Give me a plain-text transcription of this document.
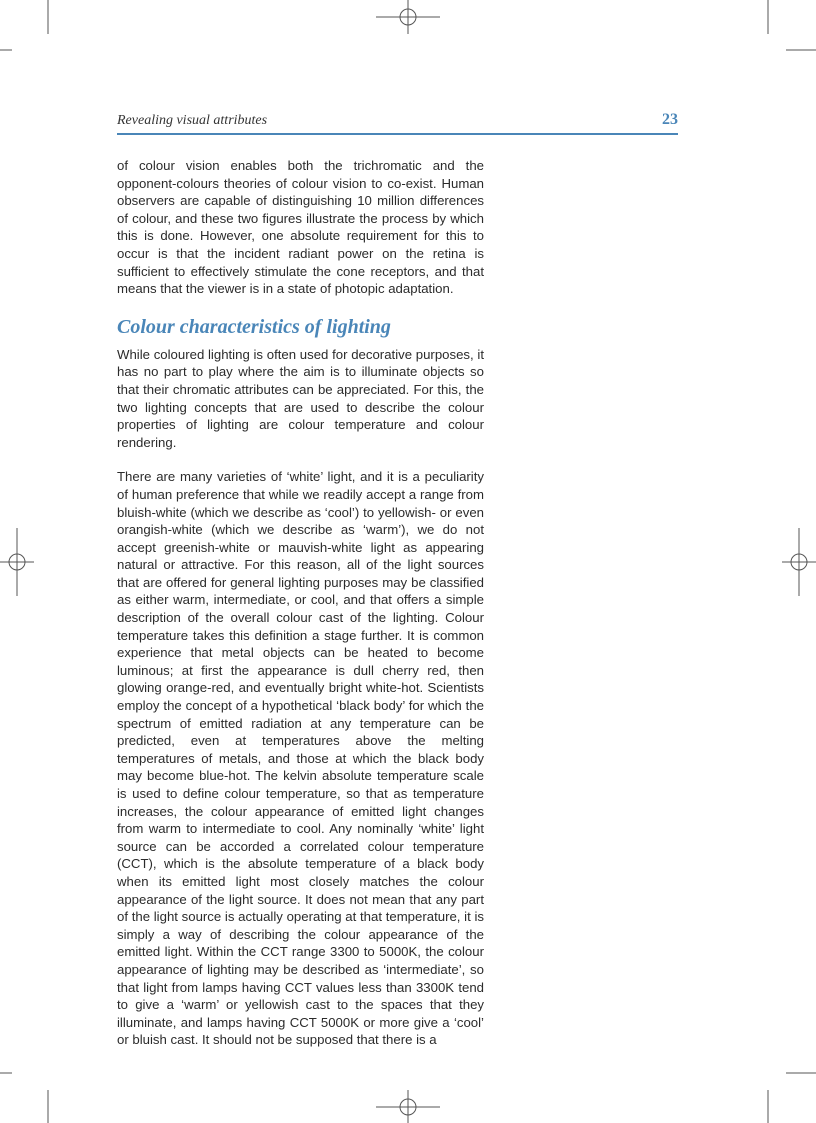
Revealing visual attributes	23

of colour vision enables both the trichromatic and the opponent-colours theories of colour vision to co-exist. Human observers are capable of distinguishing 10 million differences of colour, and these two figures illustrate the process by which this is done. However, one absolute requirement for this to occur is that the incident radiant power on the retina is sufficient to effectively stimulate the cone receptors, and that means that the viewer is in a state of photopic adaptation.

Colour characteristics of lighting

While coloured lighting is often used for decorative purposes, it has no part to play where the aim is to illuminate objects so that their chromatic attributes can be appreciated. For this, the two lighting concepts that are used to describe the colour properties of lighting are colour temperature and colour rendering.

There are many varieties of ‘white’ light, and it is a peculiarity of human preference that while we readily accept a range from bluish-white (which we describe as ‘cool’) to yellowish- or even orangish-white (which we describe as ‘warm’), we do not accept greenish-white or mauvish-white light as appearing natural or attractive. For this reason, all of the light sources that are offered for general lighting purposes may be classified as either warm, intermediate, or cool, and that offers a simple description of the overall colour cast of the lighting. Colour temperature takes this definition a stage further. It is common experience that metal objects can be heated to become luminous; at first the appearance is dull cherry red, then glowing orange-red, and eventually bright white-hot. Scientists employ the concept of a hypothetical ‘black body’ for which the spectrum of emitted radiation at any temperature can be predicted, even at temperatures above the melting temperatures of metals, and those at which the black body may become blue-hot. The kelvin absolute temperature scale is used to define colour temperature, so that as temperature increases, the colour appearance of emitted light changes from warm to intermediate to cool. Any nominally ‘white’ light source can be accorded a correlated colour temperature (CCT), which is the absolute temperature of a black body when its emitted light most closely matches the colour appearance of the light source. It does not mean that any part of the light source is actually operating at that temperature, it is simply a way of describing the colour appearance of the emitted light. Within the CCT range 3300 to 5000K, the colour appearance of lighting may be described as ‘intermediate’, so that light from lamps having CCT values less than 3300K tend to give a ‘warm’ or yellowish cast to the spaces that they illuminate, and lamps having CCT 5000K or more give a ‘cool’ or bluish cast. It should not be supposed that there is a
